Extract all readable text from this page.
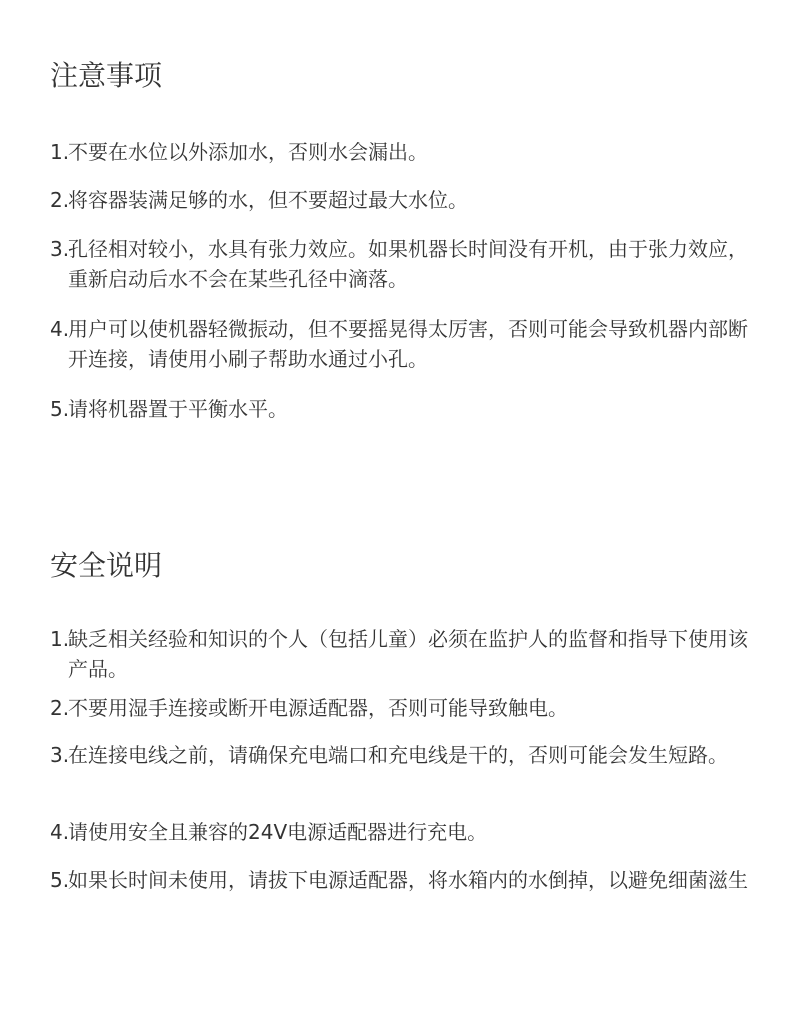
注意事项
1.
不要在水位以外添加水，否则水会漏出。
2.
将容器装满足够的水，但不要超过最大水位。
3.
孔径相对较小，水具有张力效应。如果机器长时间没有开机，由于张力效应，重新启动后水不会在某些孔径中滴落。
4.
用户可以使机器轻微振动，但不要摇晃得太厉害，否则可能会导致机器内部断开连接，请使用小刷子帮助水通过小孔。
5.
请将机器置于平衡水平。
安全说明
1.
缺乏相关经验和知识的个人（包括儿童）必须在监护人的监督和指导下使用该产品。
2.
不要用湿手连接或断开电源适配器，否则可能导致触电。
3.
在连接电线之前，请确保充电端口和充电线是干的，否则可能会发生短路。
4.
请使用安全且兼容的24V电源适配器进行充电。
5.
如果长时间未使用，请拔下电源适配器，将水箱内的水倒掉，以避免细菌滋生
